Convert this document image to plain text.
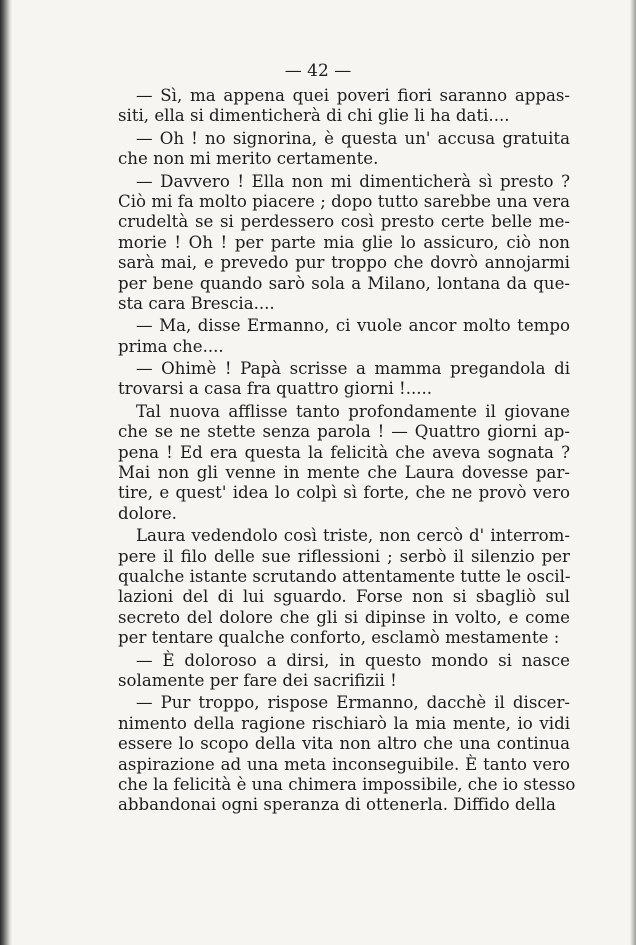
— 42 —
— Sì, ma appena quei poveri fiori saranno appas-
siti, ella si dimenticherà di chi glie li ha dati....
— Oh ! no signorina, è questa un' accusa gratuita
che non mi merito certamente.
— Davvero ! Ella non mi dimenticherà sì presto ?
Ciò mi fa molto piacere ; dopo tutto sarebbe una vera
crudeltà se si perdessero così presto certe belle me-
morie ! Oh ! per parte mia glie lo assicuro, ciò non
sarà mai, e prevedo pur troppo che dovrò annojarmi
per bene quando sarò sola a Milano, lontana da que-
sta cara Brescia....
— Ma, disse Ermanno, ci vuole ancor molto tempo
prima che....
— Ohimè ! Papà scrisse a mamma pregandola di
trovarsi a casa fra quattro giorni !.....
Tal nuova afflisse tanto profondamente il giovane
che se ne stette senza parola ! — Quattro giorni ap-
pena ! Ed era questa la felicità che aveva sognata ?
Mai non gli venne in mente che Laura dovesse par-
tire, e quest' idea lo colpì sì forte, che ne provò vero
dolore.
Laura vedendolo così triste, non cercò d' interrom-
pere il filo delle sue riflessioni ; serbò il silenzio per
qualche istante scrutando attentamente tutte le oscil-
lazioni del di lui sguardo. Forse non si sbagliò sul
secreto del dolore che gli si dipinse in volto, e come
per tentare qualche conforto, esclamò mestamente :
— È doloroso a dirsi, in questo mondo si nasce
solamente per fare dei sacrifizii !
— Pur troppo, rispose Ermanno, dacchè il discer-
nimento della ragione rischiarò la mia mente, io vidi
essere lo scopo della vita non altro che una continua
aspirazione ad una meta inconseguibile. È tanto vero
che la felicità è una chimera impossibile, che io stesso
abbandonai ogni speranza di ottenerla. Diffido della
